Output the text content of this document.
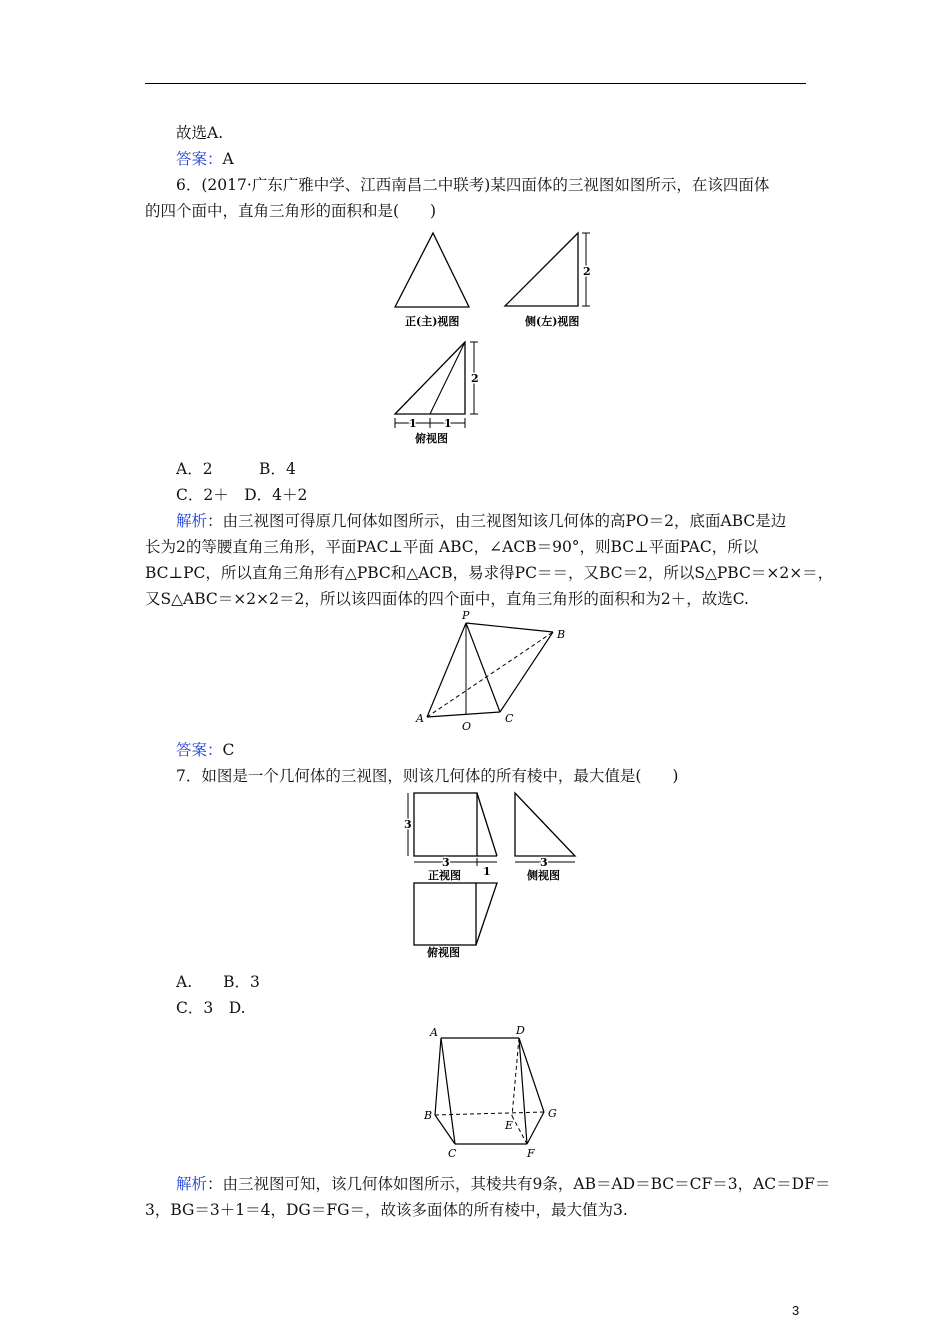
故选A.
答案：A
6．(2017·广东广雅中学、江西南昌二中联考)某四面体的三视图如图所示，在该四面体
的四个面中，直角三角形的面积和是(　　)
正(主)视图
2
侧(左)视图
2
1 1
俯视图
A．2　　　B．4
C．2＋　D．4＋2
解析：由三视图可得原几何体如图所示，由三视图知该几何体的高PO＝2，底面ABC是边
长为2的等腰直角三角形，平面PAC⊥平面 ABC，∠ACB＝90°，则BC⊥平面PAC，所以
BC⊥PC，所以直角三角形有△PBC和△ACB，易求得PC＝＝，又BC＝2，所以S△PBC＝×2×＝，
又S△ABC＝×2×2＝2，所以该四面体的四个面中，直角三角形的面积和为2＋，故选C.
P
B
A
O
C
答案：C
7．如图是一个几何体的三视图，则该几何体的所有棱中，最大值是(　　)
3
3
1
正视图
3
侧视图
俯视图
A.　　B．3
C．3　D.
A	D
B	G
E
C	F
解析：由三视图可知，该几何体如图所示，其棱共有9条，AB＝AD＝BC＝CF＝3，AC＝DF＝
3，BG＝3＋1＝4，DG＝FG＝，故该多面体的所有棱中，最大值为3.
3
